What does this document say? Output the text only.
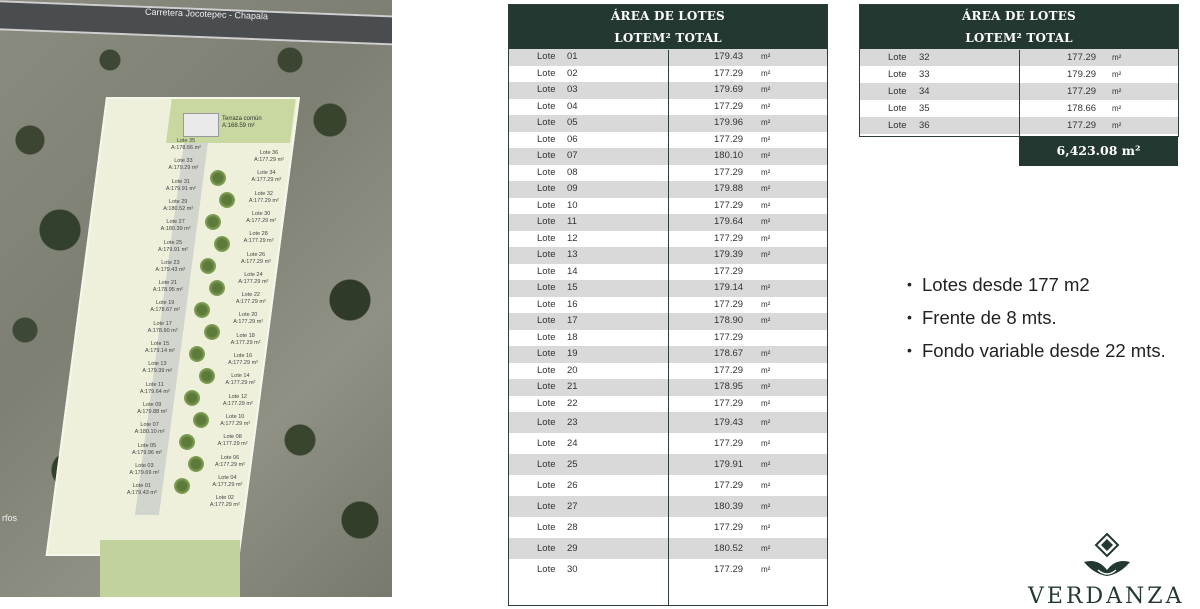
Carretera Jocotepec - Chapala
rfos
Terraza común A:168.59 m²
Lote 36
A:177.29 m²
Lote 34
A:177.29 m²
Lote 32
A:177.29 m²
Lote 30
A:177.29 m²
Lote 28
A:177.29 m²
Lote 26
A:177.29 m²
Lote 24
A:177.29 m²
Lote 22
A:177.29 m²
Lote 20
A:177.29 m²
Lote 18
A:177.29 m²
Lote 16
A:177.29 m²
Lote 14
A:177.29 m²
Lote 12
A:177.29 m²
Lote 10
A:177.29 m²
Lote 08
A:177.29 m²
Lote 06
A:177.29 m²
Lote 04
A:177.29 m²
Lote 02
A:177.29 m²
Lote 35
A:178.66 m²
Lote 33
A:179.29 m²
Lote 31
A:179.91 m²
Lote 29
A:180.52 m²
Lote 27
A:180.39 m²
Lote 25
A:179.91 m²
Lote 23
A:179.43 m²
Lote 21
A:178.95 m²
Lote 19
A:178.67 m²
Lote 17
A:178.90 m²
Lote 15
A:179.14 m²
Lote 13
A:179.39 m²
Lote 11
A:179.64 m²
Lote 09
A:179.88 m²
Lote 07
A:180.10 m²
Lote 05
A:179.96 m²
Lote 03
A:179.69 m²
Lote 01
A:179.43 m²
ÁREA DE LOTES
LOTEM² TOTAL
Lote 01	179.43 m²
Lote 02	177.29 m²
Lote 03	179.69 m²
Lote 04	177.29 m²
Lote 05	179.96 m²
Lote 06	177.29 m²
Lote 07	180.10 m²
Lote 08	177.29 m²
Lote 09	179.88 m²
Lote 10	177.29 m²
Lote 11	179.64 m²
Lote 12	177.29 m²
Lote 13	179.39 m²
Lote 14	177.29
Lote 15	179.14 m²
Lote 16	177.29 m²
Lote 17	178.90 m²
Lote 18	177.29
Lote 19	178.67 m²
Lote 20	177.29 m²
Lote 21	178.95 m²
Lote 22	177.29 m²
Lote 23	179.43 m²
Lote 24	177.29 m²
Lote 25	179.91 m²
Lote 26	177.29 m²
Lote 27	180.39 m²
Lote 28	177.29 m²
Lote 29	180.52 m²
Lote 30	177.29 m²
ÁREA DE LOTES
LOTEM² TOTAL
Lote 32	177.29 m²
Lote 33	179.29 m²
Lote 34	177.29 m²
Lote 35	178.66 m²
Lote 36	177.29 m²
6,423.08 m²
• Lotes desde 177 m2
• Frente de 8 mts.
• Fondo variable desde 22 mts.
VERDANZA
